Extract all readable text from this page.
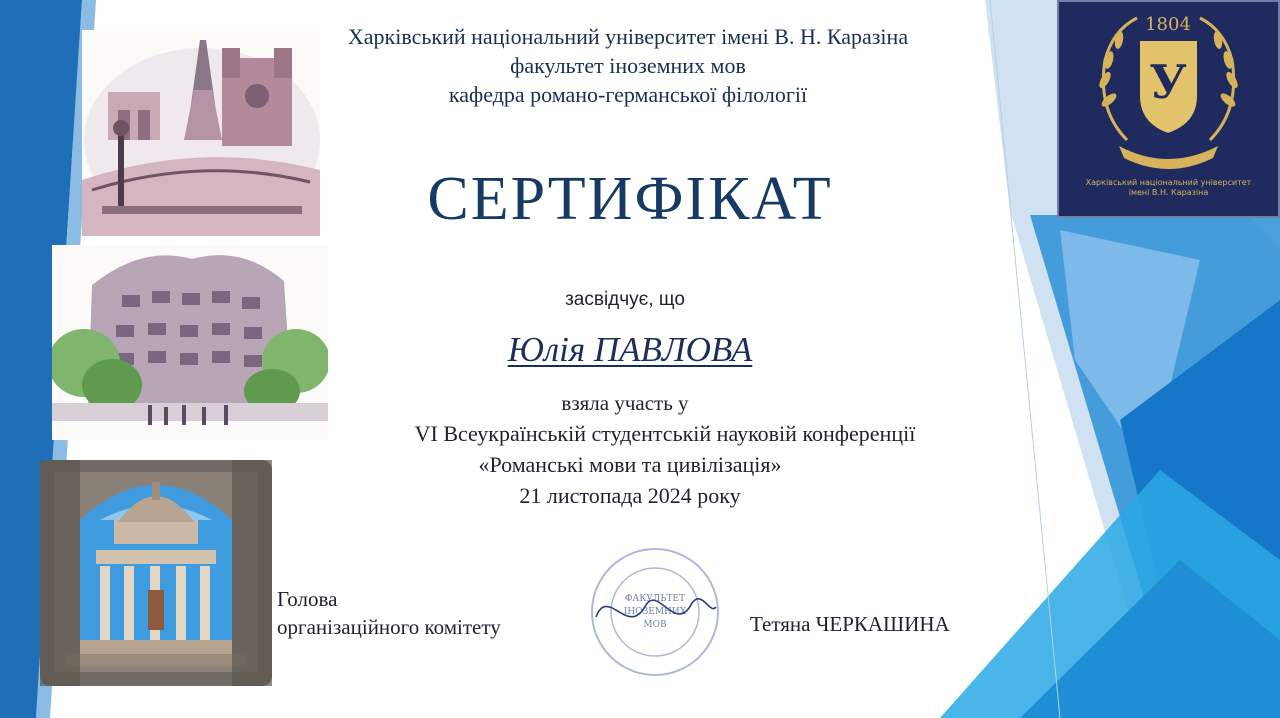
Харківський національний університет імені В. Н. Каразіна
факультет іноземних мов
кафедра романо-германської філології
СЕРТИФІКАТ
засвідчує, що
Юлія ПАВЛОВА
взяла участь у
VI Всеукраїнській студентській науковій конференції
«Романські мови та цивілізація»
21 листопада 2024 року
Голова
організаційного комітету	Тетяна ЧЕРКАШИНА
ФАКУЛЬТЕТ
ІНОЗЕМНИХ
МОВ
У
1804
Харківський національний університет
імені В.Н. Каразіна
